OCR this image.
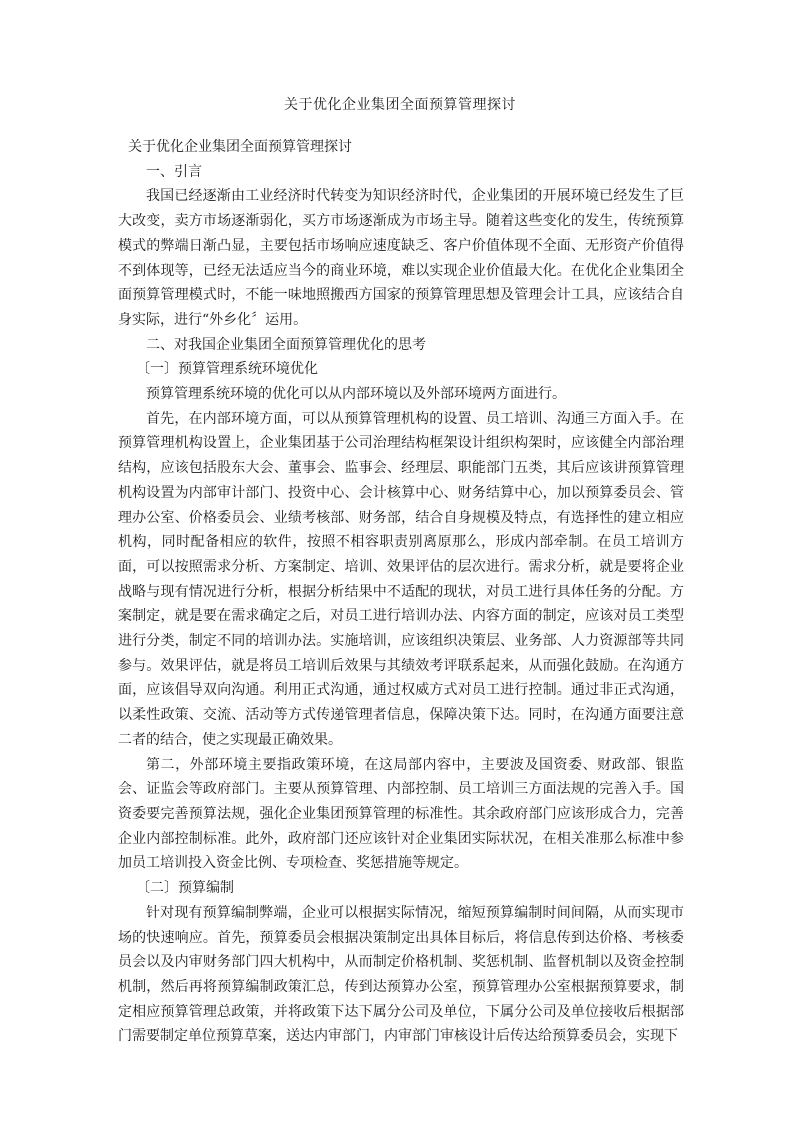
关于优化企业集团全面预算管理探讨

关于优化企业集团全面预算管理探讨

一、引言

我国已经逐渐由工业经济时代转变为知识经济时代，企业集团的开展环境已经发生了巨大改变，卖方市场逐渐弱化，买方市场逐渐成为市场主导。随着这些变化的发生，传统预算模式的弊端日渐凸显，主要包括市场响应速度缺乏、客户价值体现不全面、无形资产价值得不到体现等，已经无法适应当今的商业环境，难以实现企业价值最大化。在优化企业集团全面预算管理模式时，不能一味地照搬西方国家的预算管理思想及管理会计工具，应该结合自身实际，进行“外乡化〞运用。

二、对我国企业集团全面预算管理优化的思考

〔一〕预算管理系统环境优化

预算管理系统环境的优化可以从内部环境以及外部环境两方面进行。

首先，在内部环境方面，可以从预算管理机构的设置、员工培训、沟通三方面入手。在预算管理机构设置上，企业集团基于公司治理结构框架设计组织构架时，应该健全内部治理结构，应该包括股东大会、董事会、监事会、经理层、职能部门五类，其后应该讲预算管理机构设置为内部审计部门、投资中心、会计核算中心、财务结算中心，加以预算委员会、管理办公室、价格委员会、业绩考核部、财务部，结合自身规模及特点，有选择性的建立相应机构，同时配备相应的软件，按照不相容职责别离原那么，形成内部牵制。在员工培训方面，可以按照需求分析、方案制定、培训、效果评估的层次进行。需求分析，就是要将企业战略与现有情况进行分析，根据分析结果中不适配的现状，对员工进行具体任务的分配。方案制定，就是要在需求确定之后，对员工进行培训办法、内容方面的制定，应该对员工类型进行分类，制定不同的培训办法。实施培训，应该组织决策层、业务部、人力资源部等共同参与。效果评估，就是将员工培训后效果与其绩效考评联系起来，从而强化鼓励。在沟通方面，应该倡导双向沟通。利用正式沟通，通过权威方式对员工进行控制。通过非正式沟通，以柔性政策、交流、活动等方式传递管理者信息，保障决策下达。同时，在沟通方面要注意二者的结合，使之实现最正确效果。

第二，外部环境主要指政策环境，在这局部内容中，主要波及国资委、财政部、银监会、证监会等政府部门。主要从预算管理、内部控制、员工培训三方面法规的完善入手。国资委要完善预算法规，强化企业集团预算管理的标准性。其余政府部门应该形成合力，完善企业内部控制标准。此外，政府部门还应该针对企业集团实际状况，在相关准那么标准中参加员工培训投入资金比例、专项检查、奖惩措施等规定。

〔二〕预算编制

针对现有预算编制弊端，企业可以根据实际情况，缩短预算编制时间间隔，从而实现市场的快速响应。首先，预算委员会根据决策制定出具体目标后，将信息传到达价格、考核委员会以及内审财务部门四大机构中，从而制定价格机制、奖惩机制、监督机制以及资金控制机制，然后再将预算编制政策汇总，传到达预算办公室，预算管理办公室根据预算要求，制定相应预算管理总政策，并将政策下达下属分公司及单位，下属分公司及单位接收后根据部门需要制定单位预算草案，送达内审部门，内审部门审核设计后传达给预算委员会，实现下
